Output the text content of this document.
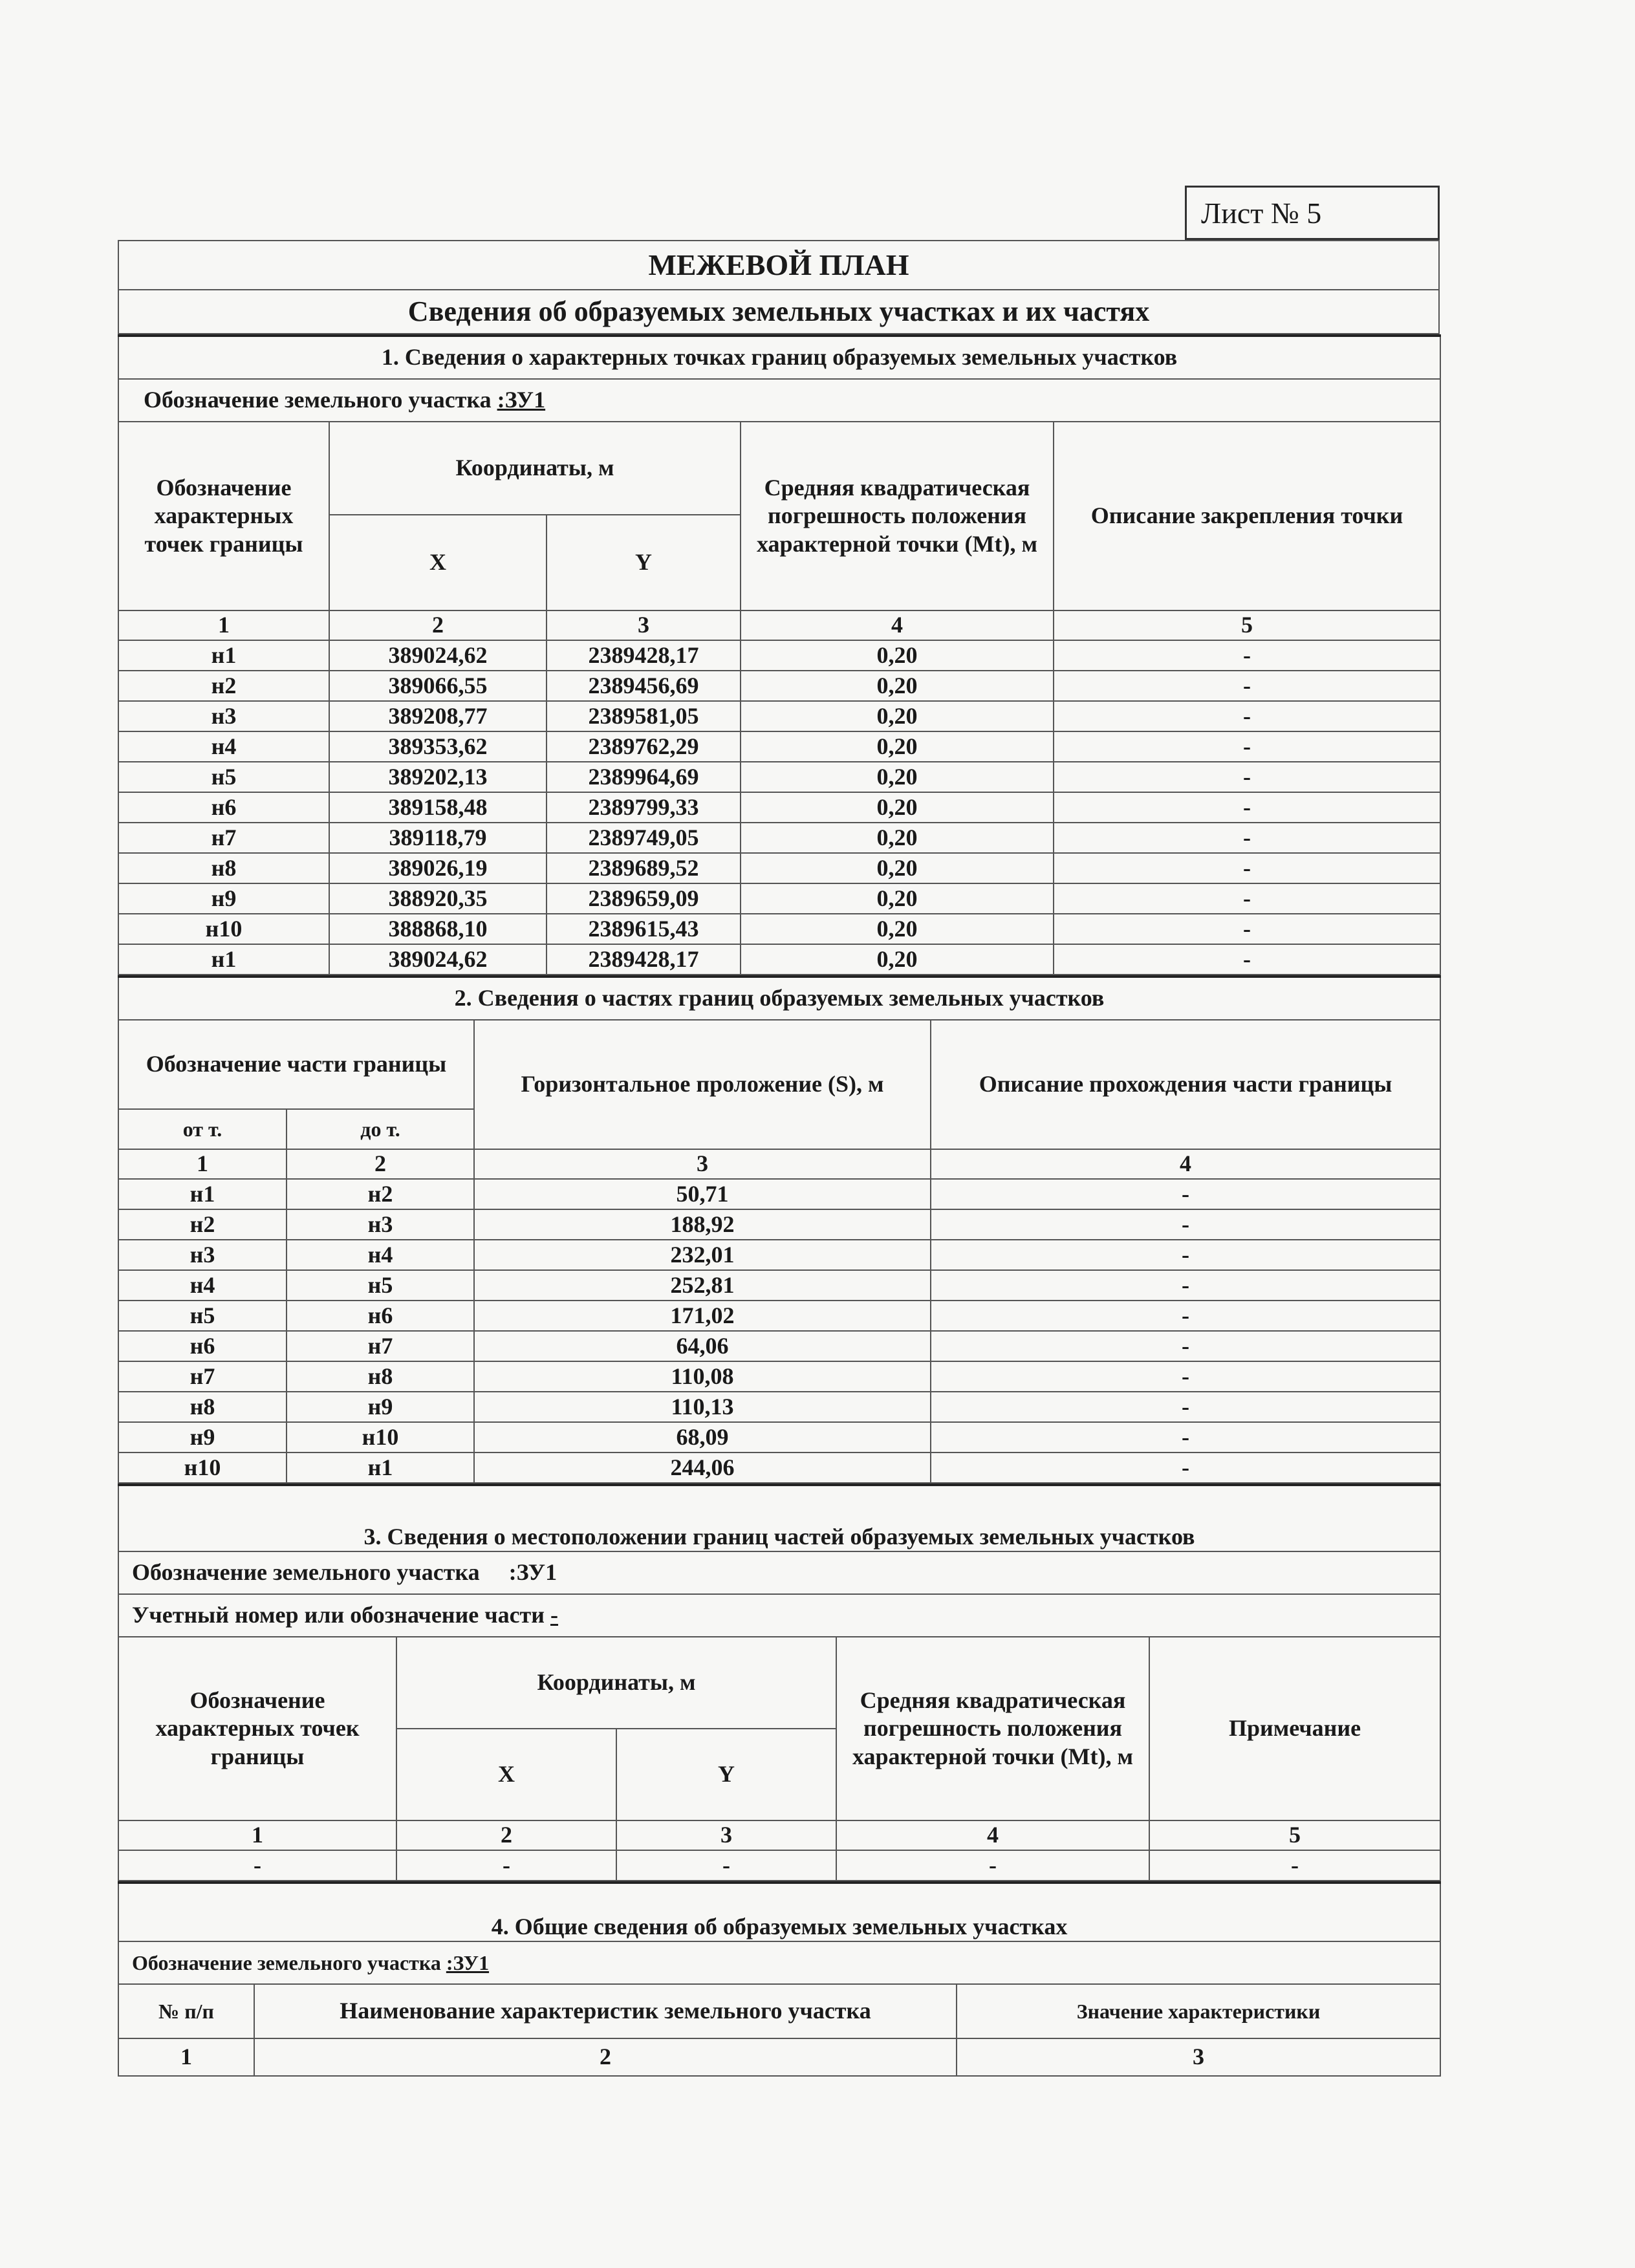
Лист № 5
МЕЖЕВОЙ ПЛАН
Сведения об образуемых земельных участках и их частях
1. Сведения о характерных точках границ образуемых земельных участков				
Обозначение земельного участка :ЗУ1				
Обозначение характерных точек границы	Координаты, м		Средняя квадратическая погрешность положения характерной точки (Mt), м	Описание закрепления точки
	X	Y		
1	2	3	4	5
н1	389024,62	2389428,17	0,20	-
н2	389066,55	2389456,69	0,20	-
н3	389208,77	2389581,05	0,20	-
н4	389353,62	2389762,29	0,20	-
н5	389202,13	2389964,69	0,20	-
н6	389158,48	2389799,33	0,20	-
н7	389118,79	2389749,05	0,20	-
н8	389026,19	2389689,52	0,20	-
н9	388920,35	2389659,09	0,20	-
н10	388868,10	2389615,43	0,20	-
н1	389024,62	2389428,17	0,20	-
2. Сведения о частях границ образуемых земельных участков			
Обозначение части границы		Горизонтальное проложение (S), м	Описание прохождения части границы
от т.	до т.		
1	2	3	4
н1	н2	50,71	-
н2	н3	188,92	-
н3	н4	232,01	-
н4	н5	252,81	-
н5	н6	171,02	-
н6	н7	64,06	-
н7	н8	110,08	-
н8	н9	110,13	-
н9	н10	68,09	-
н10	н1	244,06	-
3. Сведения о местоположении границ частей образуемых земельных участков				
Обозначение земельного участка     :ЗУ1				
Учетный номер или обозначение части -				
Обозначение характерных точек границы	Координаты, м		Средняя квадратическая погрешность положения характерной точки (Mt), м	Примечание
	X	Y		
1	2	3	4	5
-	-	-	-	-
4. Общие сведения об образуемых земельных участках		
Обозначение земельного участка :ЗУ1		
№ п/п	Наименование характеристик земельного участка	Значение характеристики
1	2	3
